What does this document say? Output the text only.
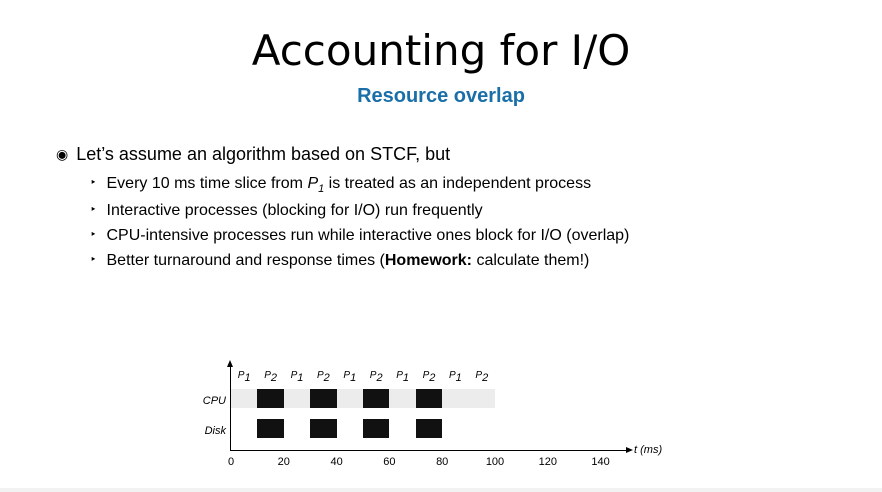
Accounting for I/O
Resource overlap
◉ Let’s assume an algorithm based on STCF, but
‣ Every 10 ms time slice from $P_1$ is treated as an independent process
‣ Interactive processes (blocking for I/O) run frequently
‣ CPU-intensive processes run while interactive ones block for I/O (overlap)
‣ Better turnaround and response times (Homework: calculate them!)
CPU
Disk
P1	P2	P1	P2	P1	P2	P1	P2	P1	P2
0	20	40	60	80	100	120	140
t (ms)
